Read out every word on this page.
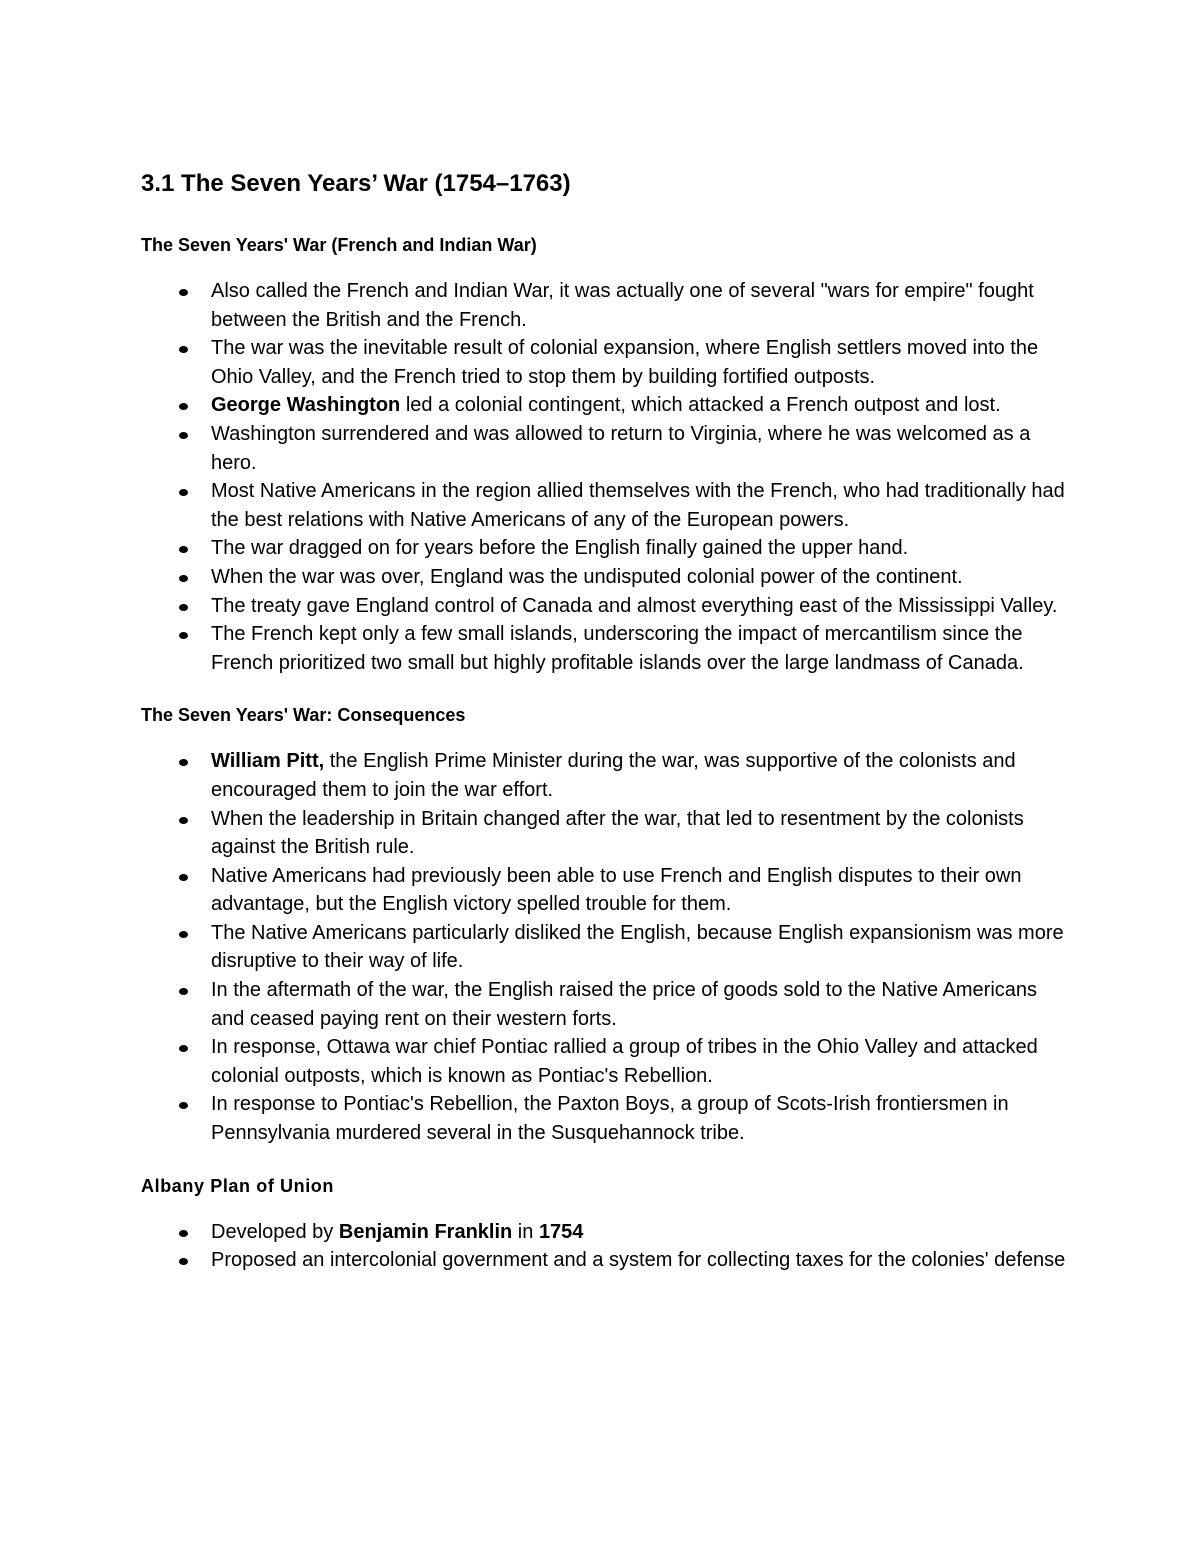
3.1 The Seven Years’ War (1754–1763)
The Seven Years' War (French and Indian War)
Also called the French and Indian War, it was actually one of several "wars for empire" fought between the British and the French.
The war was the inevitable result of colonial expansion, where English settlers moved into the Ohio Valley, and the French tried to stop them by building fortified outposts.
George Washington led a colonial contingent, which attacked a French outpost and lost.
Washington surrendered and was allowed to return to Virginia, where he was welcomed as a hero.
Most Native Americans in the region allied themselves with the French, who had traditionally had the best relations with Native Americans of any of the European powers.
The war dragged on for years before the English finally gained the upper hand.
When the war was over, England was the undisputed colonial power of the continent.
The treaty gave England control of Canada and almost everything east of the Mississippi Valley.
The French kept only a few small islands, underscoring the impact of mercantilism since the French prioritized two small but highly profitable islands over the large landmass of Canada.
The Seven Years' War: Consequences
William Pitt, the English Prime Minister during the war, was supportive of the colonists and encouraged them to join the war effort.
When the leadership in Britain changed after the war, that led to resentment by the colonists against the British rule.
Native Americans had previously been able to use French and English disputes to their own advantage, but the English victory spelled trouble for them.
The Native Americans particularly disliked the English, because English expansionism was more disruptive to their way of life.
In the aftermath of the war, the English raised the price of goods sold to the Native Americans and ceased paying rent on their western forts.
In response, Ottawa war chief Pontiac rallied a group of tribes in the Ohio Valley and attacked colonial outposts, which is known as Pontiac's Rebellion.
In response to Pontiac's Rebellion, the Paxton Boys, a group of Scots-Irish frontiersmen in Pennsylvania murdered several in the Susquehannock tribe.
Albany Plan of Union
Developed by Benjamin Franklin in 1754
Proposed an intercolonial government and a system for collecting taxes for the colonies' defense
